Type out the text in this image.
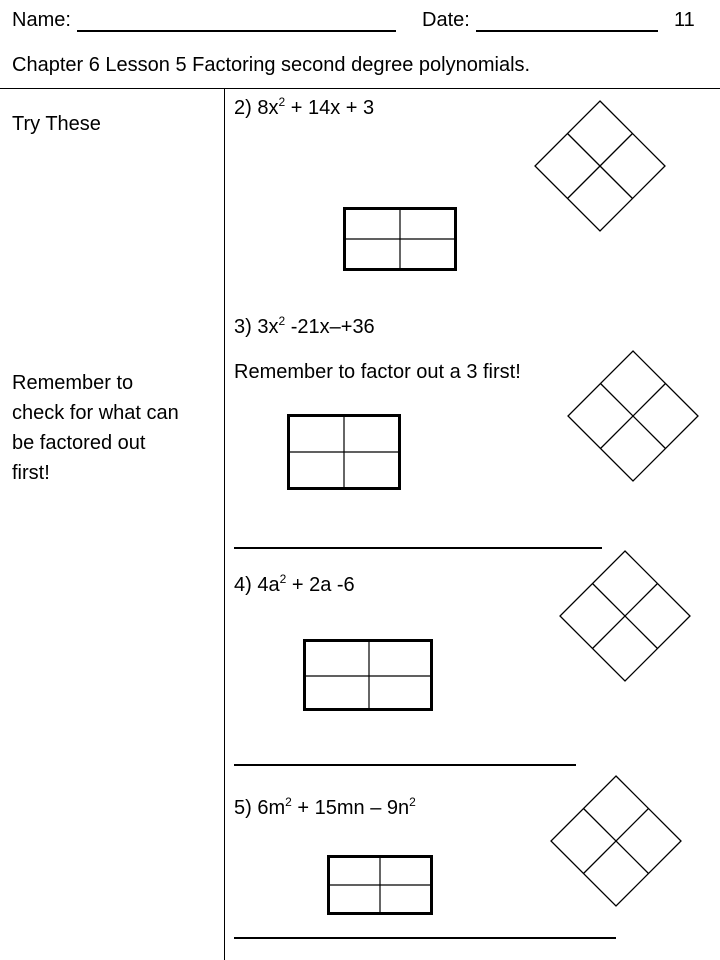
Name:	Date:	11
Chapter 6 Lesson 5 Factoring second degree polynomials.
Try These
Remember to
check for what can
be factored out
first!
2) $8x^2 + 14x + 3$
3) $3x^2$ -21x–+36
Remember to factor out a 3 first!
4) $4a^2 + 2a$ -6
5) $6m^2 + 15mn - 9n^2$
